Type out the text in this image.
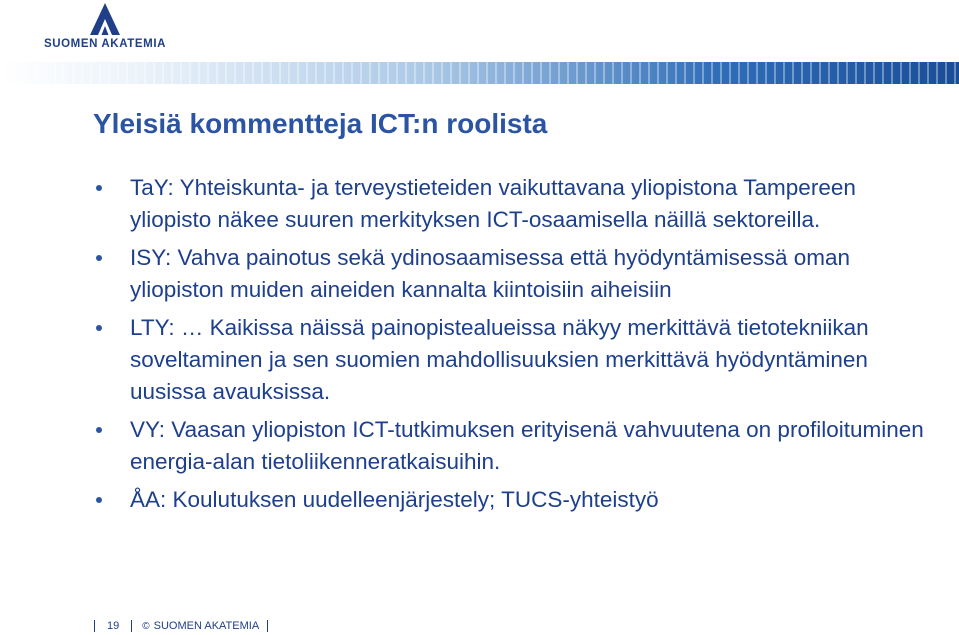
SUOMEN AKATEMIA
Yleisiä kommentteja ICT:n roolista
TaY: Yhteiskunta- ja terveystieteiden vaikuttavana yliopistona Tampereen yliopisto näkee suuren merkityksen ICT-osaamisella näillä sektoreilla.
ISY: Vahva painotus sekä ydinosaamisessa että hyödyntämisessä oman yliopiston muiden aineiden kannalta kiintoisiin aiheisiin
LTY: … Kaikissa näissä painopistealueissa näkyy merkittävä tietotekniikan soveltaminen ja sen suomien mahdollisuuksien merkittävä hyödyntäminen uusissa avauksissa.
VY: Vaasan yliopiston ICT-tutkimuksen erityisenä vahvuutena on profiloituminen energia-alan tietoliikenneratkaisuihin.
ÅA: Koulutuksen uudelleenjärjestely; TUCS-yhteistyö
19 © SUOMEN AKATEMIA
